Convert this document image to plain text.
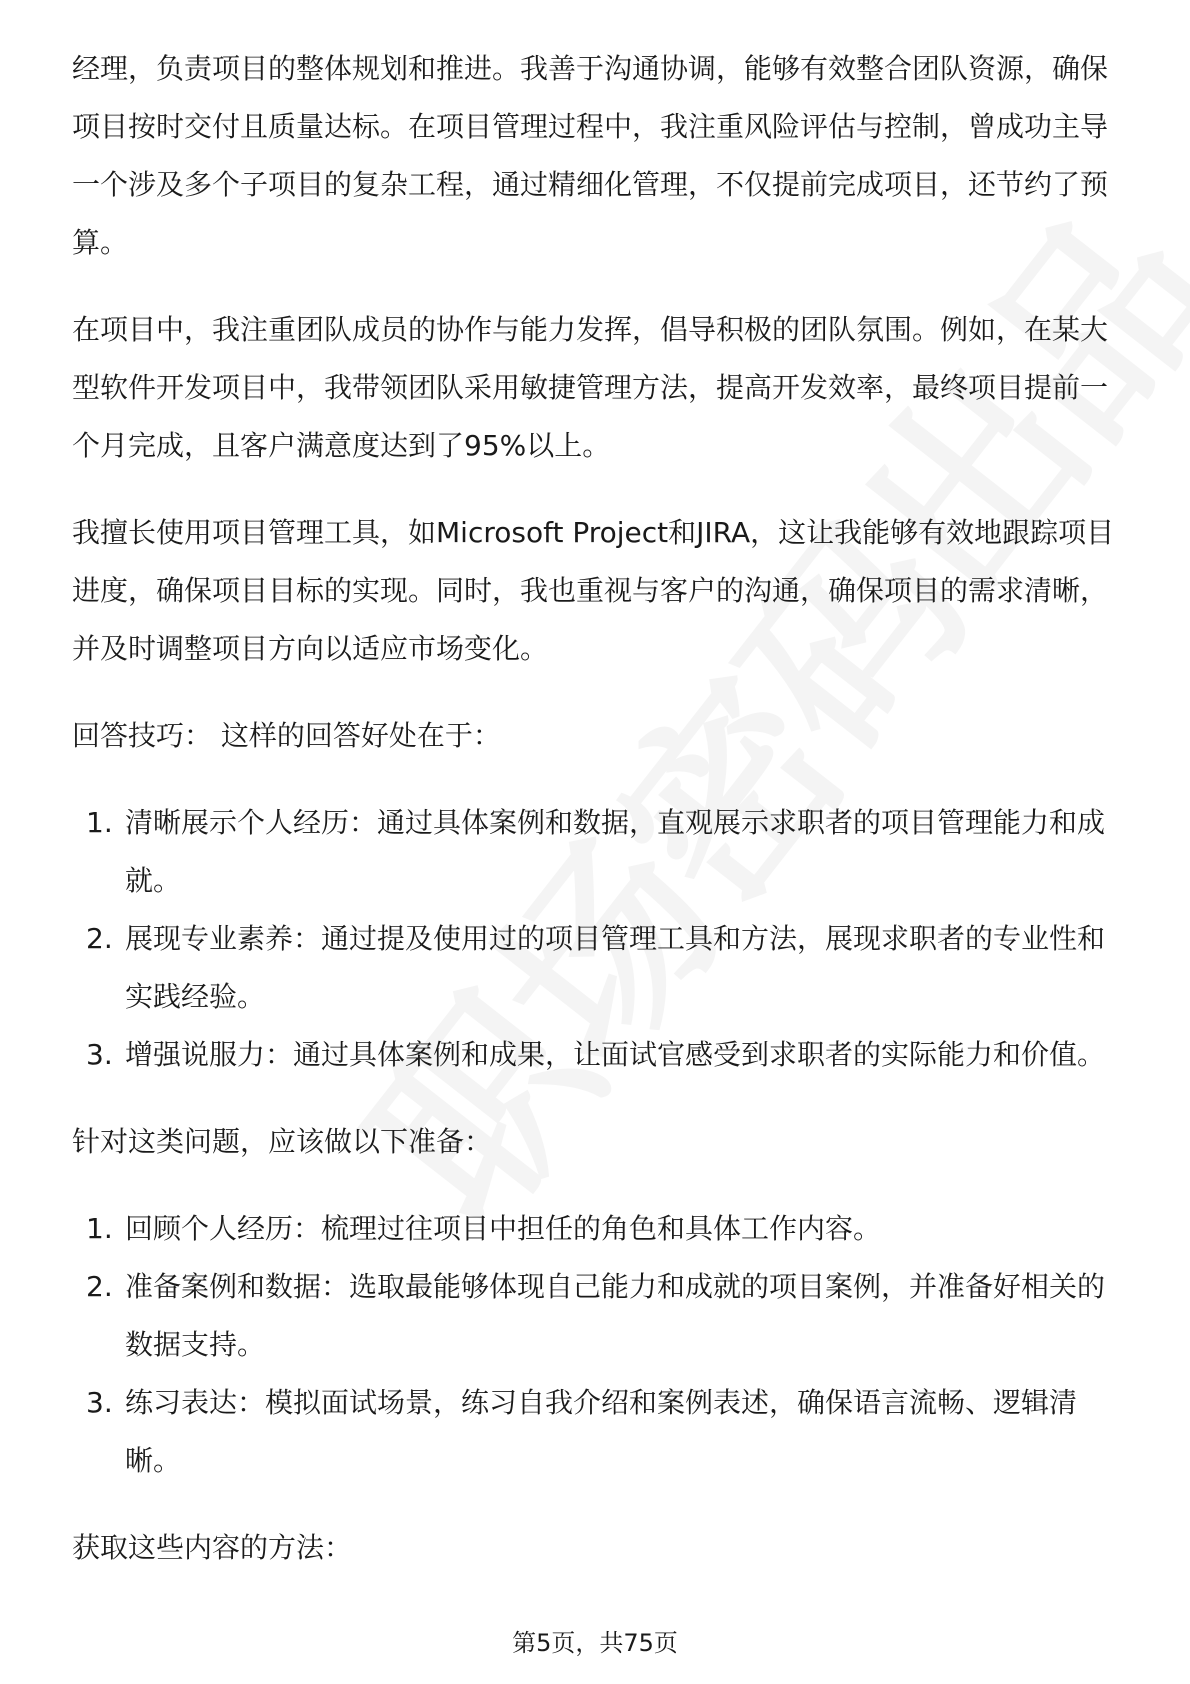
经理，负责项目的整体规划和推进。我善于沟通协调，能够有效整合团队资源，确保项目按时交付且质量达标。在项目管理过程中，我注重风险评估与控制，曾成功主导一个涉及多个子项目的复杂工程，通过精细化管理，不仅提前完成项目，还节约了预算。

在项目中，我注重团队成员的协作与能力发挥，倡导积极的团队氛围。例如，在某大型软件开发项目中，我带领团队采用敏捷管理方法，提高开发效率，最终项目提前一个月完成，且客户满意度达到了95%以上。

我擅长使用项目管理工具，如Microsoft Project和JIRA，这让我能够有效地跟踪项目进度，确保项目目标的实现。同时，我也重视与客户的沟通，确保项目的需求清晰，并及时调整项目方向以适应市场变化。

回答技巧： 这样的回答好处在于：

1. 清晰展示个人经历：通过具体案例和数据，直观展示求职者的项目管理能力和成就。
2. 展现专业素养：通过提及使用过的项目管理工具和方法，展现求职者的专业性和实践经验。
3. 增强说服力：通过具体案例和成果，让面试官感受到求职者的实际能力和价值。

针对这类问题，应该做以下准备：

1. 回顾个人经历：梳理过往项目中担任的角色和具体工作内容。
2. 准备案例和数据：选取最能够体现自己能力和成就的项目案例，并准备好相关的数据支持。
3. 练习表达：模拟面试场景，练习自我介绍和案例表述，确保语言流畅、逻辑清晰。

获取这些内容的方法：

第5页，共75页
